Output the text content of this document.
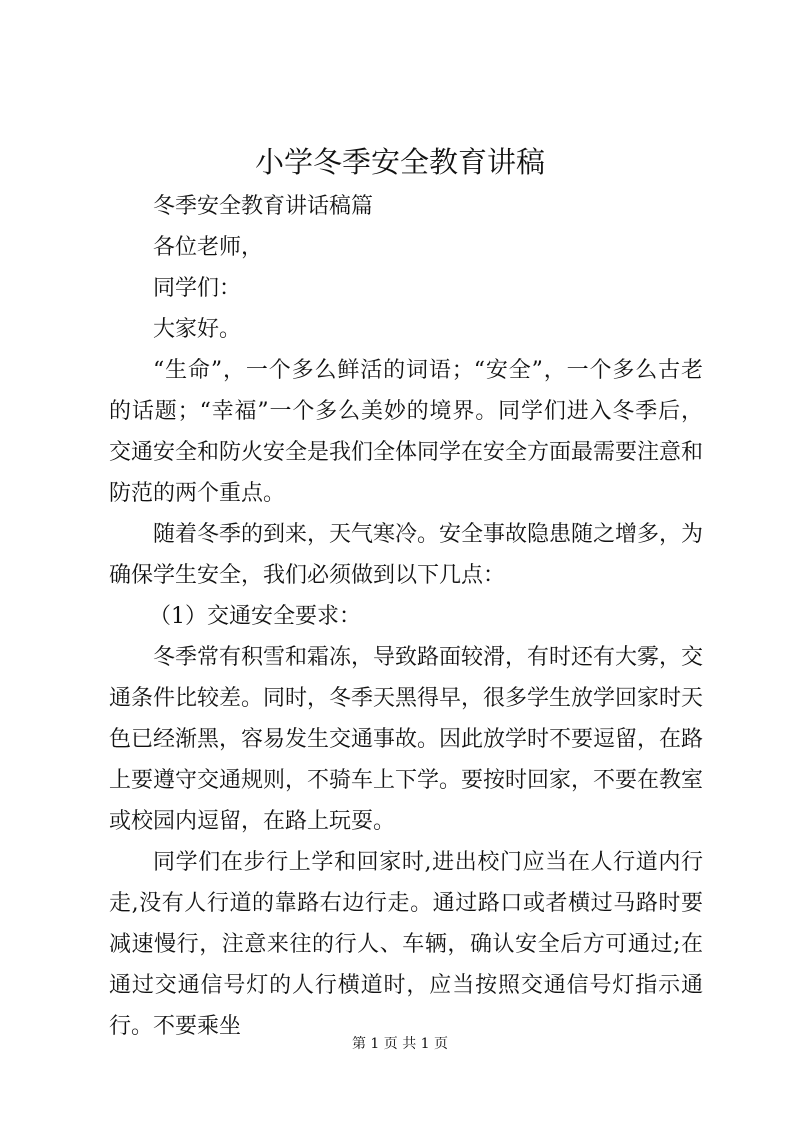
小学冬季安全教育讲稿

冬季安全教育讲话稿篇

各位老师，

同学们：

大家好。

“生命”，一个多么鲜活的词语；“安全”，一个多么古老的话题；“幸福”一个多么美妙的境界。同学们进入冬季后，交通安全和防火安全是我们全体同学在安全方面最需要注意和防范的两个重点。

随着冬季的到来，天气寒冷。安全事故隐患随之增多，为确保学生安全，我们必须做到以下几点：

（1）交通安全要求：

冬季常有积雪和霜冻，导致路面较滑，有时还有大雾，交通条件比较差。同时，冬季天黑得早，很多学生放学回家时天色已经渐黑，容易发生交通事故。因此放学时不要逗留，在路上要遵守交通规则，不骑车上下学。要按时回家，不要在教室或校园内逗留，在路上玩耍。

同学们在步行上学和回家时,进出校门应当在人行道内行走,没有人行道的靠路右边行走。通过路口或者横过马路时要减速慢行，注意来往的行人、车辆，确认安全后方可通过;在通过交通信号灯的人行横道时，应当按照交通信号灯指示通行。不要乘坐

第 1 页 共 1 页
